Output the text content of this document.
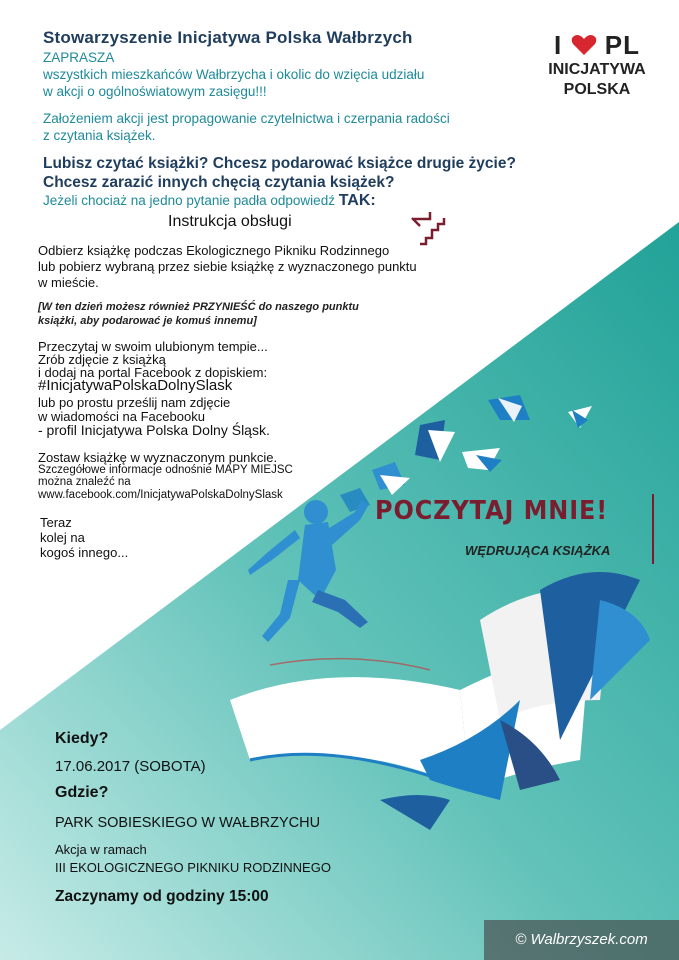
Stowarzyszenie Inicjatywa Polska Wałbrzych
ZAPRASZA
wszystkich mieszkańców Wałbrzycha i okolic do wzięcia udziału
w akcji o ogólnoświatowym zasięgu!!!
Założeniem akcji jest propagowanie czytelnictwa i czerpania radości
z czytania książek.
Lubisz czytać książki? Chcesz podarować książce drugie życie?
Chcesz zarazić innych chęcią czytania książek?
Jeżeli chociaż na jedno pytanie padła odpowiedź TAK:
I PL
INICJATYWA
POLSKA
Instrukcja obsługi
Odbierz książkę podczas Ekologicznego Pikniku Rodzinnego
lub pobierz wybraną przez siebie książkę z wyznaczonego punktu
w mieście.
[W ten dzień możesz również PRZYNIEŚĆ do naszego punktu
książki, aby podarować je komuś innemu]
Przeczytaj w swoim ulubionym tempie...
Zrób zdjęcie z książką
i dodaj na portal Facebook z dopiskiem:
#InicjatywaPolskaDolnySlask
lub po prostu prześlij nam zdjęcie
w wiadomości na Facebooku
- profil Inicjatywa Polska Dolny Śląsk.
Zostaw książkę w wyznaczonym punkcie.
Szczegółowe informacje odnośnie MAPY MIEJSC
można znaleźć na
www.facebook.com/InicjatywaPolskaDolnySlask
Teraz
kolej na
kogoś innego...
POCZYTAJ MNIE!
WĘDRUJĄCA KSIĄŻKA
Kiedy?
17.06.2017 (SOBOTA)
Gdzie?
PARK SOBIESKIEGO W WAŁBRZYCHU
Akcja w ramach
III EKOLOGICZNEGO PIKNIKU RODZINNEGO
Zaczynamy od godziny 15:00
© Walbrzyszek.com
